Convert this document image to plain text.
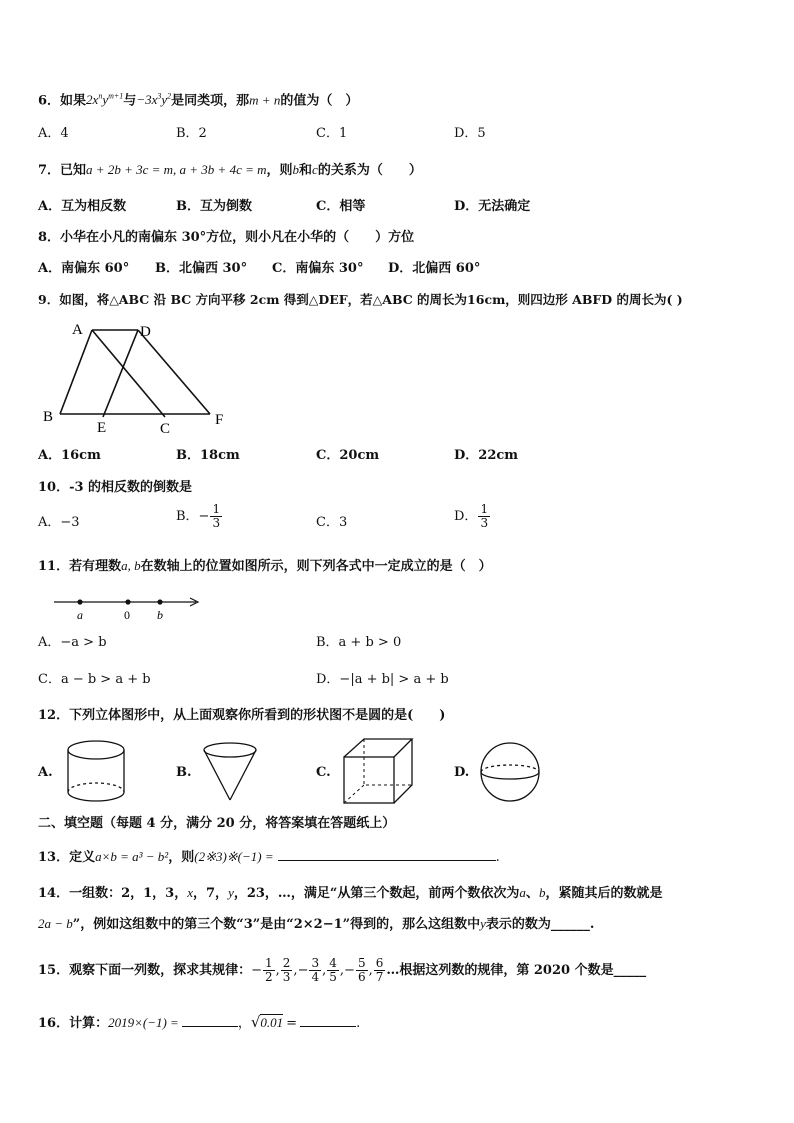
6．如果$2x^ny^{m+1}$与$-3x^3y^2$是同类项，那m + n的值为（　）
A．4	B．2	C．1	D．5
7．已知a + 2b + 3c = m, a + 3b + 4c = m，则b和c的关系为（　　）
A．互为相反数	B．互为倒数	C．相等	D．无法确定
8．小华在小凡的南偏东 30°方位，则小凡在小华的（　　）方位
A．南偏东 60° B．北偏西 30° C．南偏东 30° D．北偏西 60°
9．如图，将△ABC 沿 BC 方向平移 2cm 得到△DEF，若△ABC 的周长为16cm，则四边形 ABFD 的周长为( )
A	D
B
E	C
F
A．16cm	B．18cm	C．20cm	D．22cm
10．-3 的相反数的倒数是
A．−3	B．− $\frac{1}{3}$	C．3	D． $\frac{1}{3}$
11．若有理数a, b在数轴上的位置如图所示，则下列各式中一定成立的是（　）
a	0 b
A．−a > b	B．a + b > 0
C．a − b > a + b	D．−|a + b| > a + b
12．下列立体图形中，从上面观察你所看到的形状图不是圆的是(　　)
A.	B.	C.	D.
二、填空题（每题 4 分，满分 20 分，将答案填在答题纸上）
13．定义a×b = a³ − b²，则(2※3)※(−1) =	.
14．一组数：2，1，3，x，7，y，23，…，满足“从第三个数起，前两个数依次为a、b，紧随其后的数就是
2a − b”，例如这组数中的第三个数“3”是由“2×2−1”得到的，那么这组数中y表示的数为______.
15．观察下面一列数，探求其规律：− $\frac{1}{2}$ , $\frac{2}{3}$ ,− $\frac{3}{4}$ , $\frac{4}{5}$ ,− $\frac{5}{6}$ , $\frac{6}{7}$ …根据这列数的规律，第 2020 个数是_____
16．计算：2019×(−1) =	，√0.01 =	.
